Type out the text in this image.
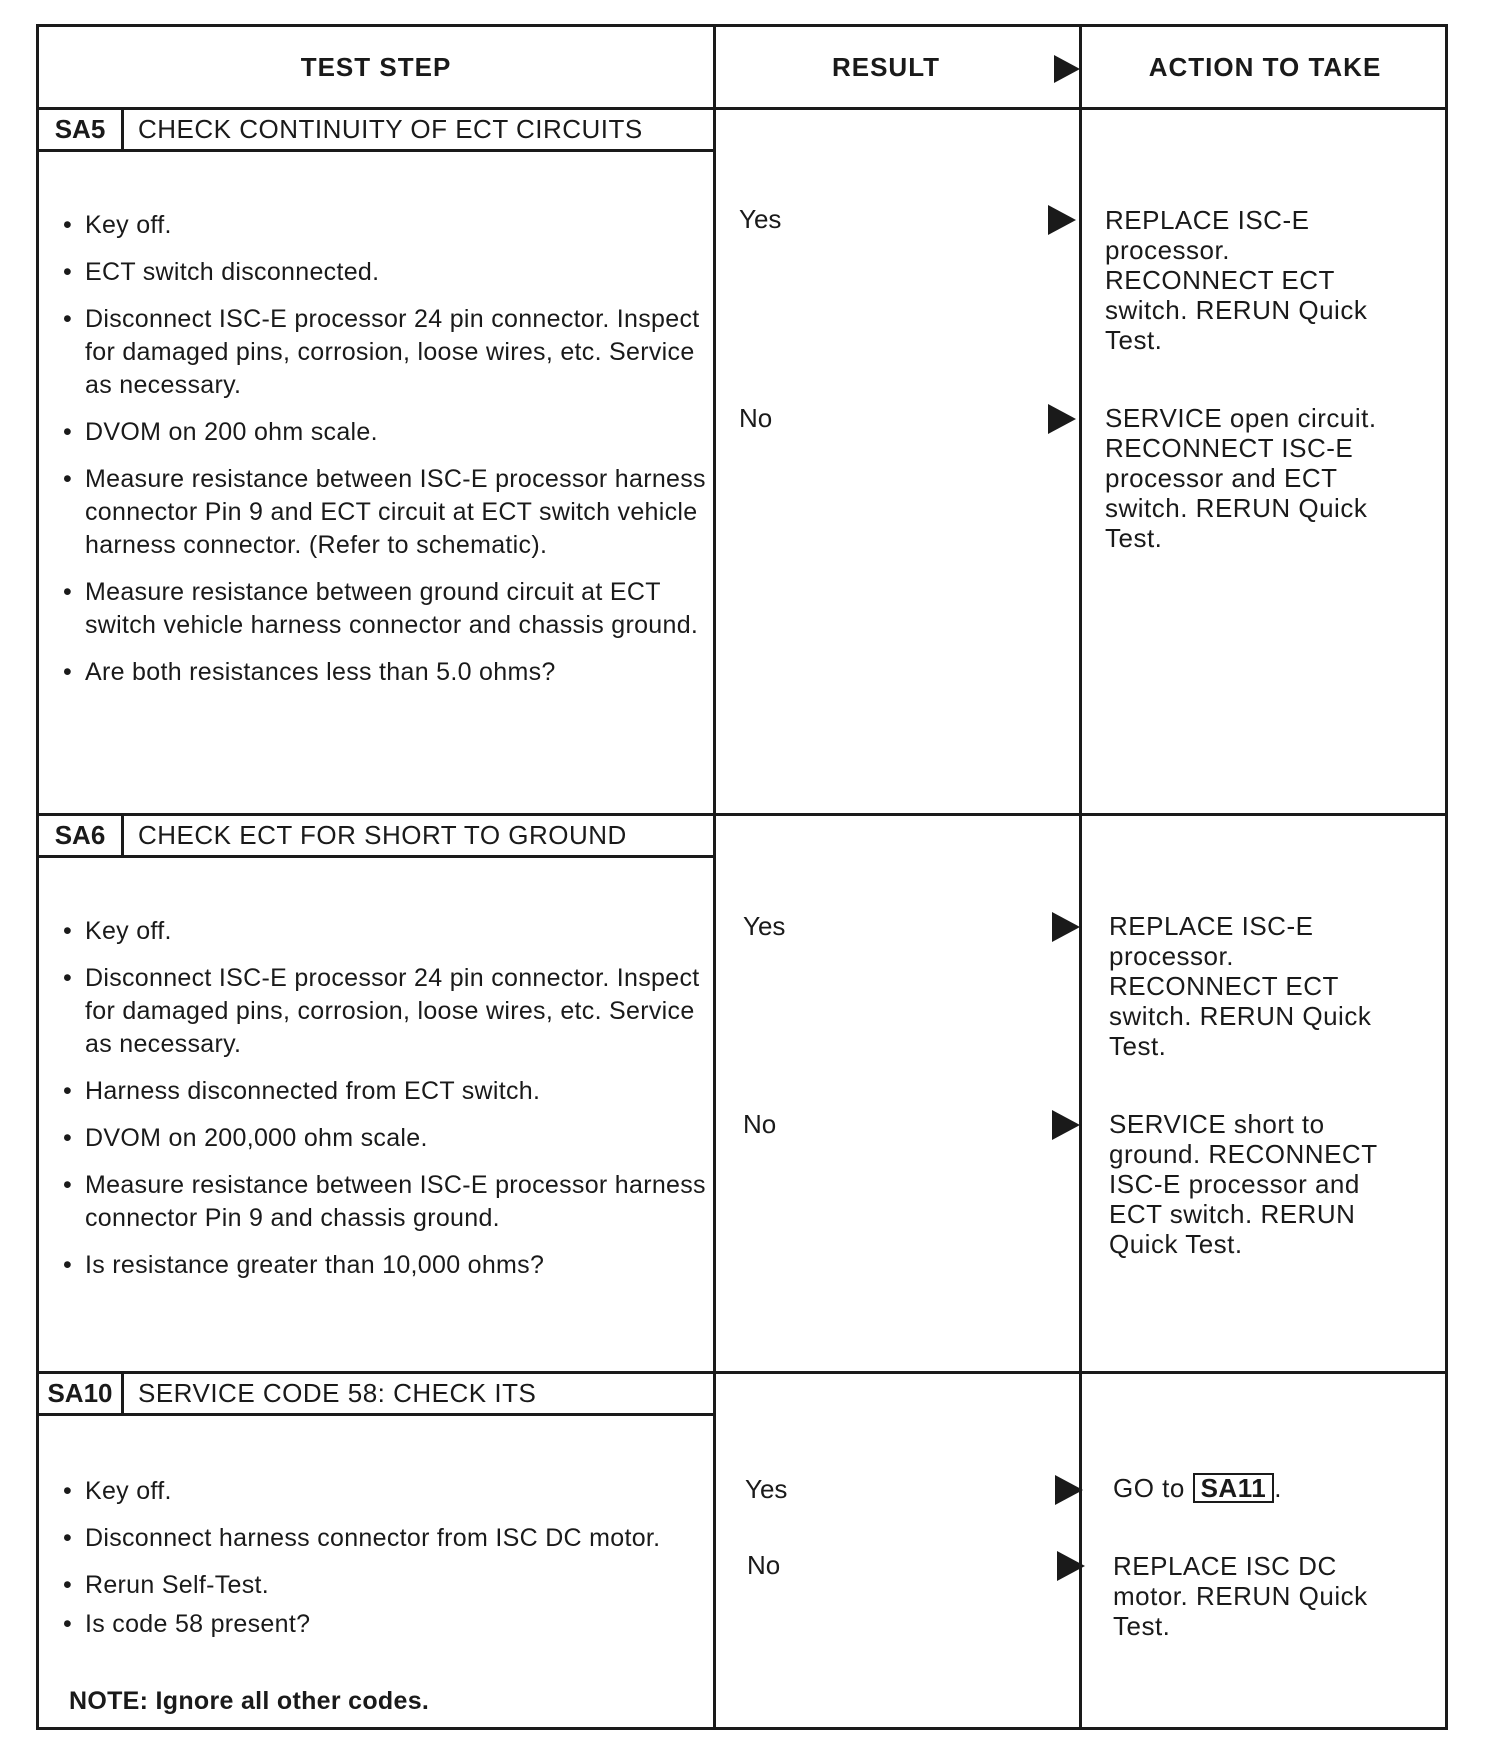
TEST STEP	RESULT	ACTION TO TAKE
SA5	CHECK CONTINUITY OF ECT CIRCUITS
• Key off.
• ECT switch disconnected.
• Disconnect ISC-E processor 24 pin connector. Inspect for damaged pins, corrosion, loose wires, etc. Service as necessary.
• DVOM on 200 ohm scale.
• Measure resistance between ISC-E processor harness connector Pin 9 and ECT circuit at ECT switch vehicle harness connector. (Refer to schematic).
• Measure resistance between ground circuit at ECT switch vehicle harness connector and chassis ground.
• Are both resistances less than 5.0 ohms?
Yes	REPLACE ISC-E processor. RECONNECT ECT switch. RERUN Quick Test.
No	SERVICE open circuit. RECONNECT ISC-E processor and ECT switch. RERUN Quick Test.
SA6	CHECK ECT FOR SHORT TO GROUND
• Key off.
• Disconnect ISC-E processor 24 pin connector. Inspect for damaged pins, corrosion, loose wires, etc. Service as necessary.
• Harness disconnected from ECT switch.
• DVOM on 200,000 ohm scale.
• Measure resistance between ISC-E processor harness connector Pin 9 and chassis ground.
• Is resistance greater than 10,000 ohms?
Yes	REPLACE ISC-E processor. RECONNECT ECT switch. RERUN Quick Test.
No	SERVICE short to ground. RECONNECT ISC-E processor and ECT switch. RERUN Quick Test.
SA10 SERVICE CODE 58: CHECK ITS
• Key off.
• Disconnect harness connector from ISC DC motor.
• Rerun Self-Test.
• Is code 58 present?
NOTE: Ignore all other codes.
Yes	GO to SA11 .
No	REPLACE ISC DC motor. RERUN Quick Test.
